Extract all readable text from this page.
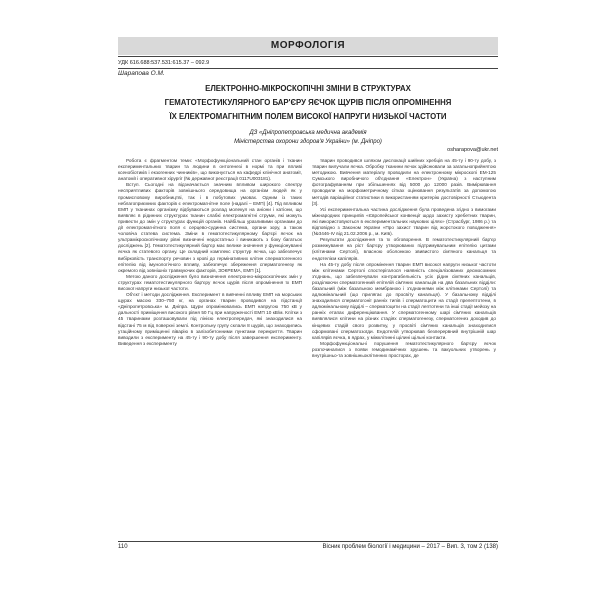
МОРФОЛОГІЯ
УДК 616.688:537.531:615.37 – 092.9
Шарапова О.М.
ЕЛЕКТРОННО-МІКРОСКОПІЧНІ ЗМІНИ В СТРУКТУРАХ
ГЕМАТОТЕСТИКУЛЯРНОГО БАР'ЄРУ ЯЄЧОК ЩУРІВ ПІСЛЯ ОПРОМІНЕННЯ
ЇХ ЕЛЕКТРОМАГНІТНИМ ПОЛЕМ ВИСОКОЇ НАПРУГИ НИЗЬКОЇ ЧАСТОТИ
ДЗ «Дніпропетровська медична академія
Міністерства охорони здоров'я України» (м. Дніпро)
osharapova@ukr.net

Робота є фрагментом теми: «Морфофункціональний стан органів і тканин експериментальних тварин та людини в онтогенезі в нормі та при впливі ксенобіотиків і екзогенних чинників», що виконується на кафедрі клінічної анатомії, анатомії і оперативної хірургії (№ державної реєстрації 0117U003181).

Вступ. Сьогодні на відзначається значним впливом широкого спектру несприятливих факторів зовнішнього середовища на організм людей як у промисловому виробництві, так і в побутових умовах. Одним із таких неблагоприємних факторів є електромагнітне поле (надалі – ЕМП) [4]. Під впливом ЕМП у тканинах організму відбуваються розлад молекул на аніони і катіони, що виявляє в рідинних структурах тканин слабкі електромагнітні струми, які можуть привести до змін у структурах функцій органів. Найбільш уразливими органами до дії електромагнітного поля є серцево-судинна система, органи зору, а також чоловіча статева система. Зміни в гематотестикулярному бар'єрі яєчок на ультрамікроскопічному рівні визначені недостатньо і виникають з боку багатьох досліджень [2]. Гематотестикулярний бар'єр має велике значення у функціонуванні яєчка як статевого органу. Це складний комплекс структур яєчка, що забезпечує вибірковість транспорту речовин з крові до гермінативних клітин сперматогенного епітелію від імунологічного впливу, забезпечує збереження сперматогенезу як окремого від зовнішніх травмуючих факторів, ЗОКРЕМА, ЕМП [1].

Метою даного дослідження було визначення електронно-мікроскопічних змін у структурах гематотестикулярного бар'єру яєчок щурів після опромінення їх ЕМП високої напруги низької частоти.

Об'єкт і методи дослідження. Експеримент в вивченні впливу ЕМП на морських щурах масою 330–750 кг, на органах тварин проводився на підстанції «Дніпропетровська» м. Дніпра. Щури опромінювались ЕМП напругою 750 кВ у дальності приміщення високого рівня 50 Гц при напруженості ЕМП 10 кВ/м. Клітки з 45 тваринами розташовували під лінією електропередач, які знаходилися на відстані 75 м від поверхні землі. Контрольну групу склали 8 щурів, що знаходились утаційному приміщенні віварію в залізобетонними пунктами перекриття. Тварин виводили з експерименту на 45-ту і 90-ту добу після завершення експерименту. Виведення з експерименту

тварин проводився шляхом дислокації шийних хребців на 45-ту і 90-ту добу, з тварин вилучали яєчка. Обробку тканини яєчок здійснювали за загальноприйнятою методикою. Вивчення матеріалу проводили на електронному мікроскопі ЕМ-125 Сумського виробничого об'єднання «Електрон» (Україна) з наступним фотографуванням при збільшеннях від 5000 до 12000 разів. Вимірювання проводили на морфометричному сітках оцінювання результатів за допомогою методів варіаційної статистики в використанням критерію достовірності Стьюдента [3].

Усі експериментальна частина дослідження була проведена згідно з вимогами міжнародних принципів «Європейської конвенції щодо захисту хребетних тварин, які використовуються в експериментальних наукових цілях» (Страсбург, 1986 р.) та відповідно з Законом України «Про захист тварин від жорстокого поводження» (№3446-IV від 21.02.2006 р., м. Київ).

Результати дослідження та їх обговорення. В гематотестикулярний бар'єр розмежування на ріст бар'єру утворюваних підтримувальним епітелію цитами (клітинами Сертолі), власною оболонкою звивистого сім'яного канальця та ендотелієм капілярів.

На 45-ту добу після опромінення тварин ЕМП високої напруги низької частоти між клітинами Сертолі спостерігалося наявність спеціалізованих десмосомних з'єднань, що забезпечували контрагабельність усіх рідин сім'яних канальців, розділюючи сперматогенний епітелій сім'яних канальців на два базальних відділи: базальний (між базальною мембраною і з'єднаннями між клітинами Сертолі) та адлюмінальний (що прилягає до просвіту канальця). У базальному відділі знаходилися сперматогонії ранніх типів і сперматоцити на стадії прелептотени, в адлюмінальному відділі – сперматоцити на стадії лептотени та інші стадії мейозу на ранніх етапах диференціювання. У сперматогенному шарі сім'яних канальців виявлялися клітини на різних стадіях сперматогенезу, сперматогенез доходив до кінцевих стадій свого розвитку, у просвіті сім'яних канальців знаходилися сформовані сперматозоїди. Ендотелій утворював безперервний внутрішній шар капілярів яєчка, в ядрах, у міжклітинні щілині щільні контакти.

Морфофункціональні порушення гематотестикулярного бар'єру яєчок розпочиналися з появи гемодинамічних зрушень та вакуольних утворень у внутрішньо-та зовнішньоклітинних просторах, де

110	Вісник проблем біології і медицини – 2017 – Вип. 3, том 2 (138)
